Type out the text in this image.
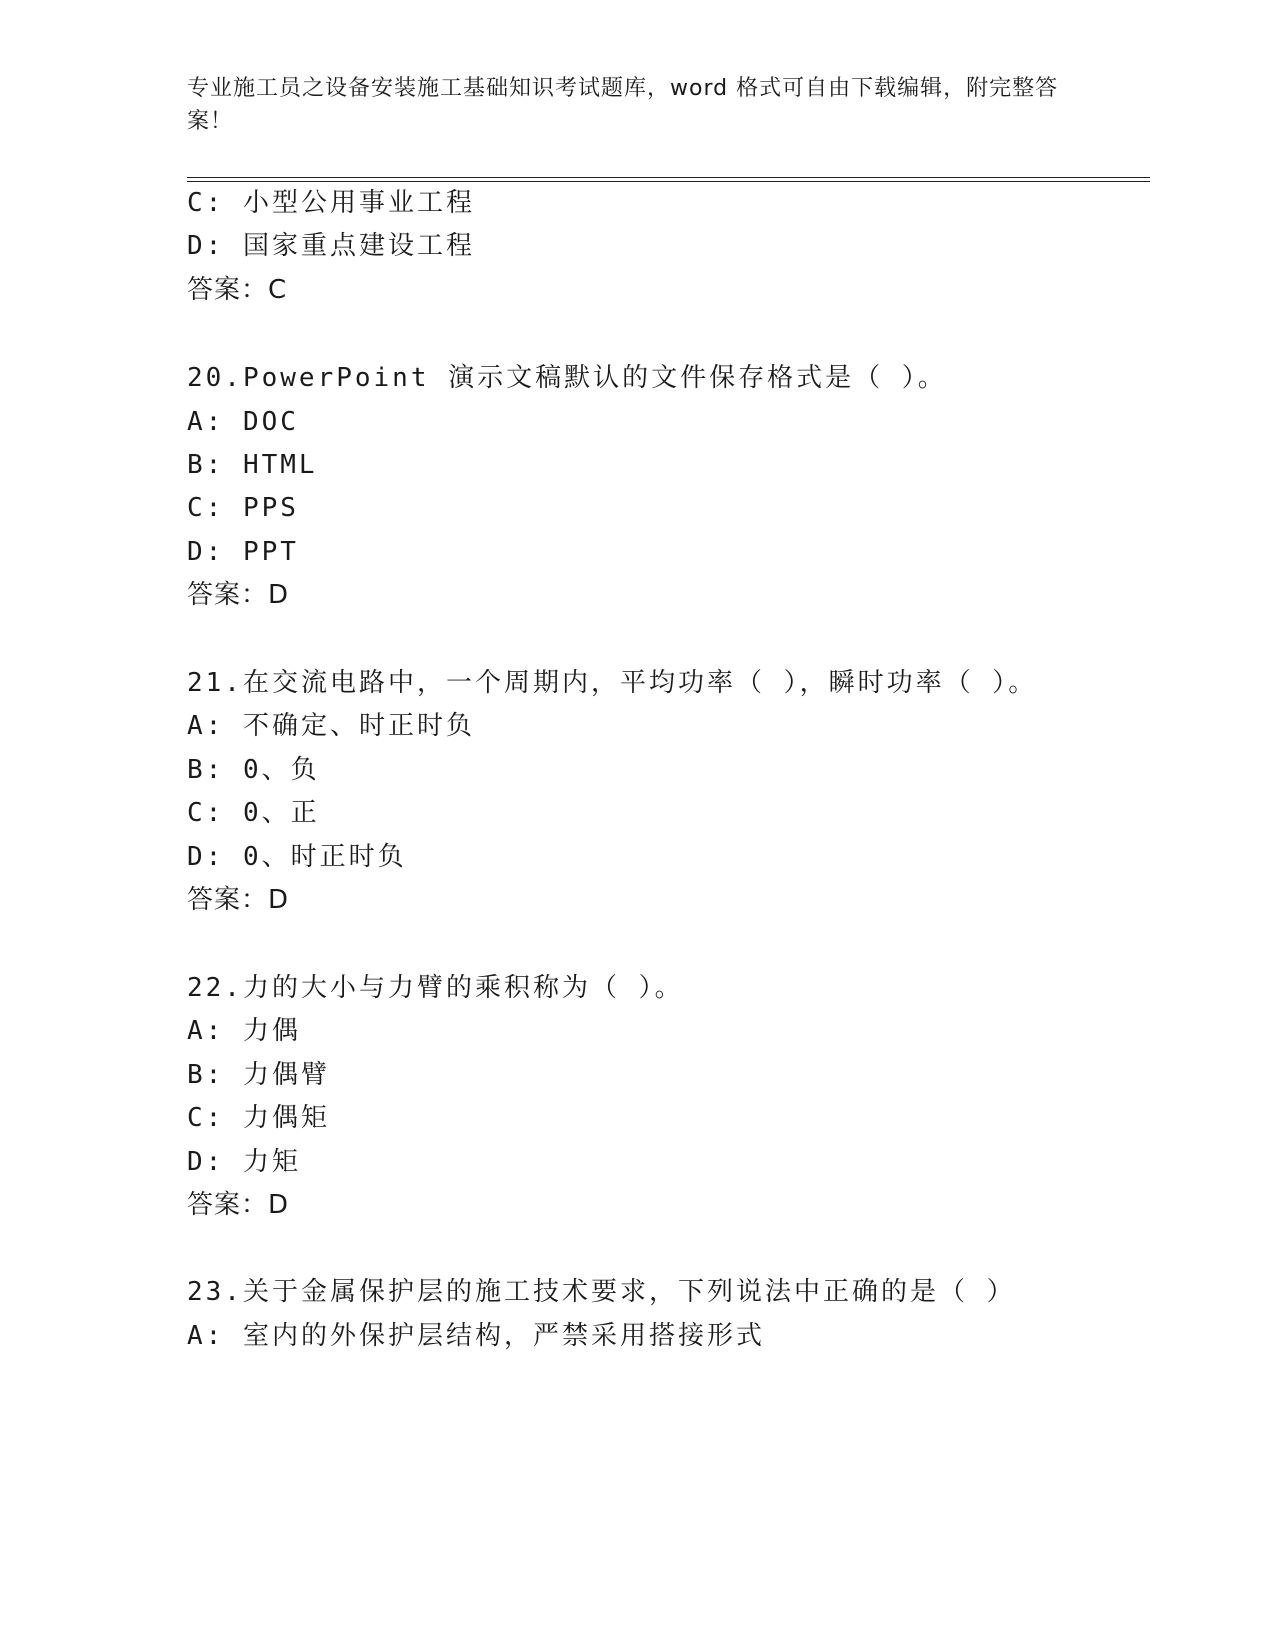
专业施工员之设备安装施工基础知识考试题库，word 格式可自由下载编辑，附完整答案！
C: 小型公用事业工程
D: 国家重点建设工程
答案：C
20.PowerPoint 演示文稿默认的文件保存格式是（ ）。
A: DOC
B: HTML
C: PPS
D: PPT
答案：D
21.在交流电路中，一个周期内，平均功率（ ），瞬时功率（ ）。
A: 不确定、时正时负
B: 0、负
C: 0、正
D: 0、时正时负
答案：D
22.力的大小与力臂的乘积称为（ ）。
A: 力偶
B: 力偶臂
C: 力偶矩
D: 力矩
答案：D
23.关于金属保护层的施工技术要求，下列说法中正确的是（ ）
A: 室内的外保护层结构，严禁采用搭接形式
